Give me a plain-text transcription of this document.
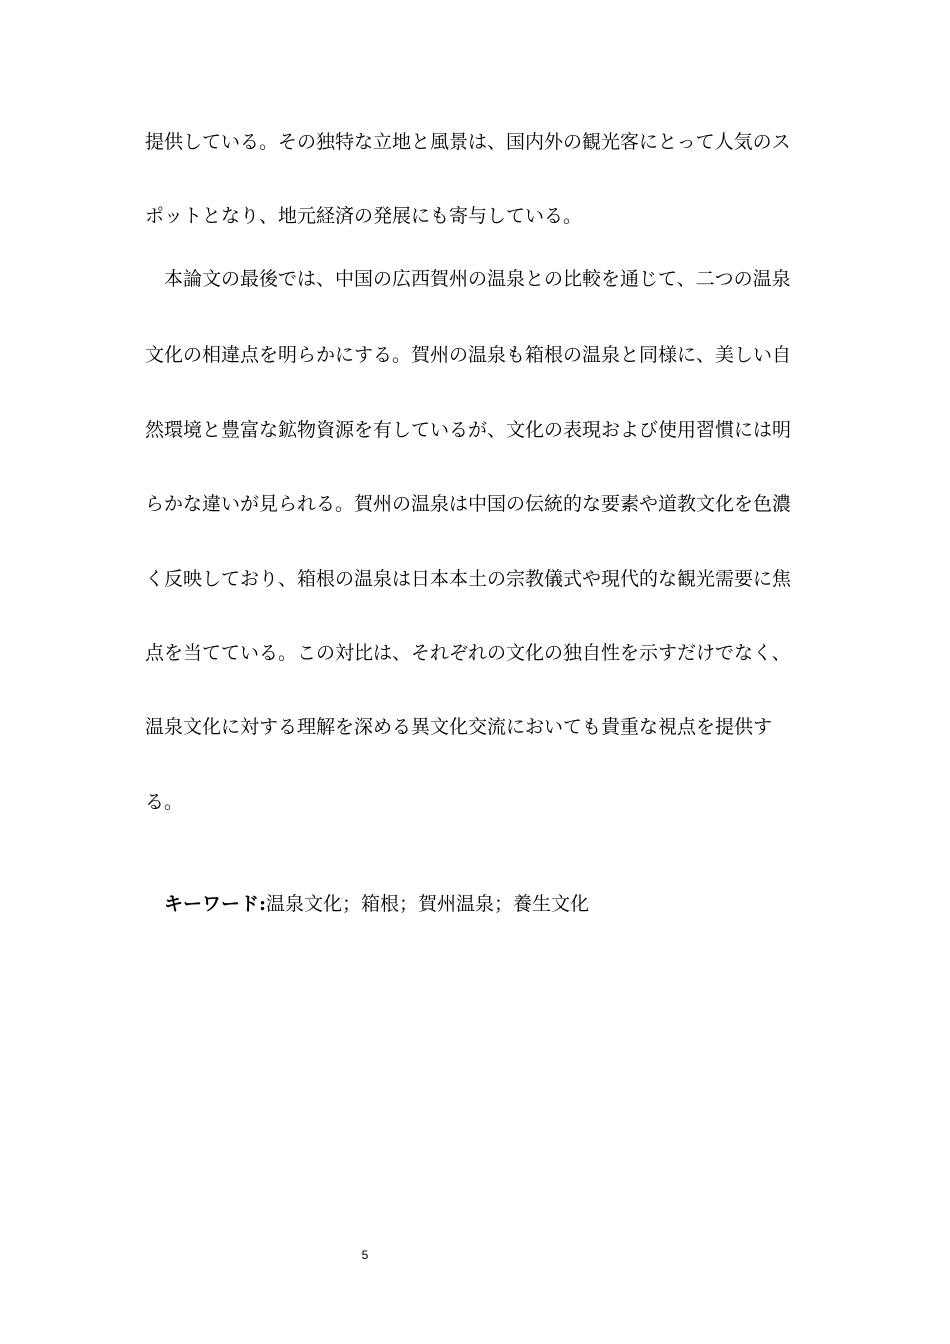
提供している。その独特な立地と風景は、国内外の観光客にとって人気のス
ポットとなり、地元経済の発展にも寄与している。
本論文の最後では、中国の広西賀州の温泉との比較を通じて、二つの温泉
文化の相違点を明らかにする。賀州の温泉も箱根の温泉と同様に、美しい自
然環境と豊富な鉱物資源を有しているが、文化の表現および使用習慣には明
らかな違いが見られる。賀州の温泉は中国の伝統的な要素や道教文化を色濃
く反映しており、箱根の温泉は日本本土の宗教儀式や現代的な観光需要に焦
点を当てている。この対比は、それぞれの文化の独自性を示すだけでなく、
温泉文化に対する理解を深める異文化交流においても貴重な視点を提供す
る。
キーワード:温泉文化；箱根；賀州温泉；養生文化
5
